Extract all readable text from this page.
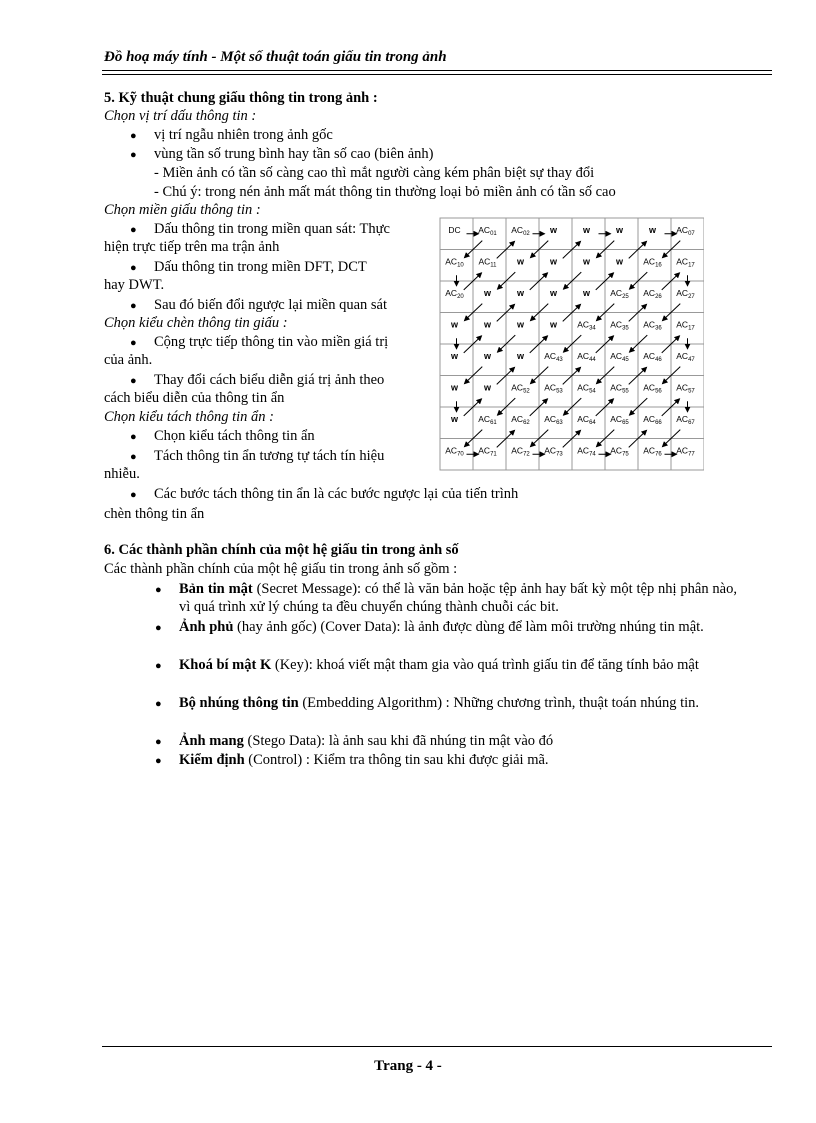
Đồ hoạ máy tính - Một số thuật toán giấu tin trong ảnh
5. Kỹ thuật chung giấu thông tin trong ảnh :
Chọn vị trí dấu thông tin :
● vị trí ngẫu nhiên trong ảnh gốc
● vùng tần số trung bình hay tần số cao (biên ảnh)
- Miền ảnh có tần số càng cao thì mắt người càng kém phân biệt sự thay đổi
- Chú ý: trong nén ảnh mất mát thông tin thường loại bỏ miền ảnh có tần số cao
Chọn miền giấu thông tin :
● Dấu thông tin trong miền quan sát: Thực
hiện trực tiếp trên ma trận ảnh
● Dấu thông tin trong miền DFT, DCT
hay DWT.
● Sau đó biến đổi ngược lại miền quan sát
Chọn kiểu chèn thông tin giấu :
● Cộng trực tiếp thông tin vào miền giá trị
của ảnh.
● Thay đổi cách biểu diễn giá trị ảnh theo
cách biểu diễn của thông tin ẩn
Chọn kiểu tách thông tin ẩn :
● Chọn kiểu tách thông tin ẩn
● Tách thông tin ẩn tương tự tách tín hiệu
nhiễu.
● Các bước tách thông tin ẩn là các bước ngược lại của tiến trình
chèn thông tin ẩn
DC $AC_{01}$ $AC_{02}$ w	w	w	w $AC_{07}$
$AC_{10}$ $AC_{11}$ w	w	w	w $AC_{16}$ $AC_{17}$
$AC_{20}$ w	w	w	w $AC_{25}$ $AC_{26}$ $AC_{27}$
w	w	w	w $AC_{34}$ $AC_{35}$ $AC_{36}$ $AC_{17}$
w	w	w $AC_{43}$ $AC_{44}$ $AC_{45}$ $AC_{46}$ $AC_{47}$
w	w $AC_{52}$ $AC_{53}$ $AC_{54}$ $AC_{55}$ $AC_{56}$ $AC_{57}$
w $AC_{61}$ $AC_{62}$ $AC_{63}$ $AC_{64}$ $AC_{65}$ $AC_{66}$ $AC_{67}$
$AC_{70}$ $AC_{71}$ $AC_{72}$ $AC_{73}$ $AC_{74}$ $AC_{75}$ $AC_{76}$ $AC_{77}$
6. Các thành phần chính của một hệ giấu tin trong ảnh số
Các thành phần chính của một hệ giấu tin trong ảnh số gồm :
● Bản tin mật (Secret Message): có thể là văn bản hoặc tệp ảnh hay bất kỳ một tệp nhị phân nào, vì quá trình xử lý chúng ta đều chuyển chúng thành chuỗi các bit.
● Ảnh phủ (hay ảnh gốc) (Cover Data): là ảnh được dùng để làm môi trường nhúng tin mật.
● Khoá bí mật K (Key): khoá viết mật tham gia vào quá trình giấu tin để tăng tính bảo mật
● Bộ nhúng thông tin (Embedding Algorithm) : Những chương trình, thuật toán nhúng tin.
● Ảnh mang (Stego Data): là ảnh sau khi đã nhúng tin mật vào đó
● Kiểm định (Control) : Kiểm tra thông tin sau khi được giải mã.
Trang - 4 -
